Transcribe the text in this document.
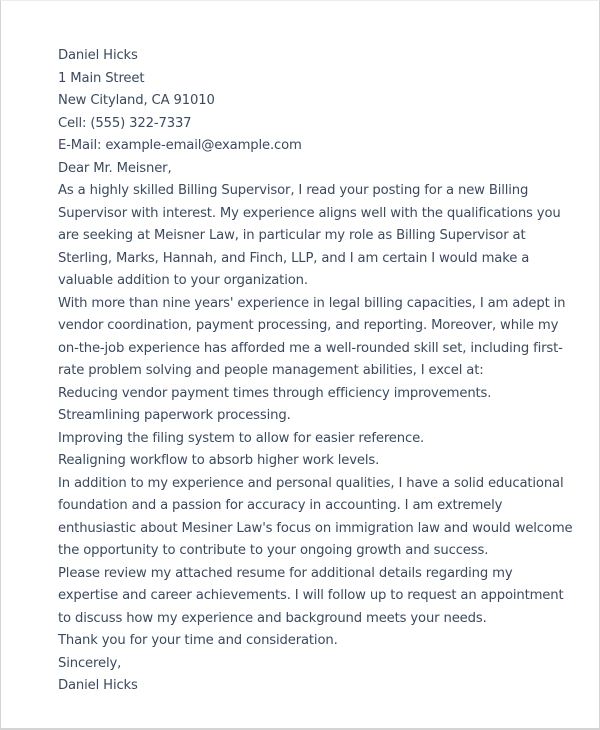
Daniel Hicks
1 Main Street
New Cityland, CA 91010
Cell: (555) 322-7337
E-Mail: example-email@example.com
Dear Mr. Meisner,
As a highly skilled Billing Supervisor, I read your posting for a new Billing
Supervisor with interest. My experience aligns well with the qualifications you
are seeking at Meisner Law, in particular my role as Billing Supervisor at
Sterling, Marks, Hannah, and Finch, LLP, and I am certain I would make a
valuable addition to your organization.
With more than nine years' experience in legal billing capacities, I am adept in
vendor coordination, payment processing, and reporting. Moreover, while my
on-the-job experience has afforded me a well-rounded skill set, including first-
rate problem solving and people management abilities, I excel at:
Reducing vendor payment times through efficiency improvements.
Streamlining paperwork processing.
Improving the filing system to allow for easier reference.
Realigning workflow to absorb higher work levels.
In addition to my experience and personal qualities, I have a solid educational
foundation and a passion for accuracy in accounting. I am extremely
enthusiastic about Mesiner Law's focus on immigration law and would welcome
the opportunity to contribute to your ongoing growth and success.
Please review my attached resume for additional details regarding my
expertise and career achievements. I will follow up to request an appointment
to discuss how my experience and background meets your needs.
Thank you for your time and consideration.
Sincerely,
Daniel Hicks
